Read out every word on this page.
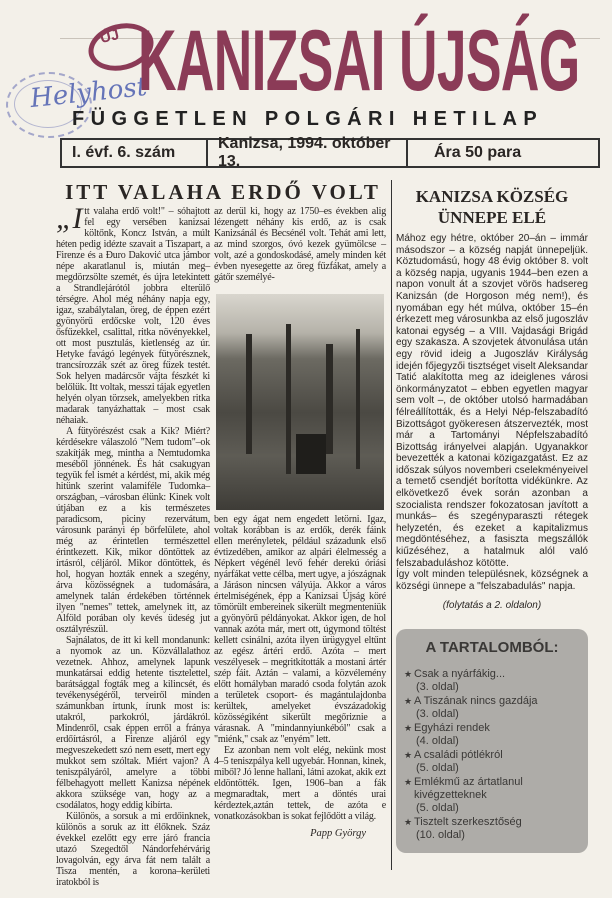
Helyhost
ÚJ KANIZSAI ÚJSÁG
FÜGGETLEN POLGÁRI HETILAP
I. évf. 6. szám
Kanizsa, 1994. október 13.
Ára 50 para
ITT VALAHA ERDŐ VOLT

„Itt valaha erdő volt!" – sóhajtott fel egy versében kanizsai költőnk, Koncz István, a múlt héten pedig idézte szavait a Tiszapart, a Firenze és a Đuro Daković utca jámbor népe akaratlanul is, miután meg–megdörzsölte szemét, és újra letekintett a Strandlejárótól jobbra elterülő térségre. Ahol még néhány napja egy, igaz, szabálytalan, öreg, de éppen ezért gyönyörű erdőcske volt, 120 éves ősfűzekkel, csalittal, ritka növényekkel, ott most pusztulás, kietlenség az úr. Hetyke favágó legények fütyörésznek, trancsírozzák szét az öreg fűzek testét. Sok helyen madárcsőr vájta fészkét ki belőlük. Itt voltak, messzi tájak egyetlen helyén olyan törzsek, amelyekben ritka madarak tanyázhattak – most csak néhaiak.

A fütyörészést csak a Kik? Miért? kérdésekre válaszoló "Nem tudom"–ok szakítják meg, mintha a Nemtudomka meséből jönnének. És hát csakugyan tegyük fel ismét a kérdést, mi, akik még hitünk szerint valamiféle Tudomka–országban, –városban élünk: Kinek volt útjában ez a kis természetes paradicsom, piciny rezervátum, városunk parányi ép bőrfelülete, ahol még az érintetlen természettel érintkezett. Kik, mikor döntöttek az írtásról, céljáról. Mikor döntöttek, és hol, hogyan hozták ennek a szegény, árva közösségnek a tudomására, amelynek talán érdekében történnek ilyen "nemes" tettek, amelynek itt, az Alföld porában oly kevés üdeség jut osztályrészül.

Sajnálatos, de itt ki kell mondanunk: a nyomok az un. Közvállalathoz vezetnek. Ahhoz, amelynek lapunk munkatársai eddig hetente tisztelettel, barátsággal fogták meg a kilincsét, és tevékenységéről, terveiről minden számunkban írtunk, írunk most is: utakról, parkokról, járdákról. Mindenről, csak éppen erről a fránya erdőírtásról, a Firenze aljáról egy megveszekedett szó nem esett, mert egy mukkot sem szóltak. Miért vajon? A teniszpályáról, amelyre a többi félbehagyott mellett Kanizsa népének akkora szüksége van, hogy az a csodálatos, hogy eddig kibírta.

Különös, a sorsuk a mi erdőinknek, különös a soruk az itt élőknek. Száz évekkel ezelőtt egy erre járó francia utazó Szegedtől Nándorfehérvárig lovagolván, egy árva fát nem talált a Tisza mentén, a korona–kerületi iratokból is

az derül ki, hogy az 1750–es években alig lézengett néhány kis erdő, az is csak Kanizsánál és Becsénél volt. Tehát ami lett, az mind szorgos, óvó kezek gyümölcse – volt, azé a gondoskodásé, amely minden két évben nyesegette az öreg fűzfákat, amely a gátőr személyé-

ben egy ágat nem engedett letörni. Igaz, voltak korábban is az erdők, derék fáink ellen merényletek, például századunk első évtizedében, amikor az alpári élelmesség a Népkert végénél levő fehér derekú óriási nyárfákat vette célba, mert ugye, a jószágnak a Járáson nincsen vályúja. Akkor a város értelmiségének, épp a Kanizsai Újság köré tömörült embereinek sikerült megmenteniük a gyönyörű példányokat. Akkor igen, de hol vannak azóta már, mert ott, úgymond töltést kellett csinálni, azóta ilyen ürügygyel eltűnt az egész ártéri erdő. Azóta – mert veszélyesek – megritkították a mostani ártér szép fáit. Aztán – valami, a közvélemény előtt homályban maradó csoda folytán azok a területek csoport- és magántulajdonba kerültek, amelyeket évszázadokig közösségiként sikerült megőriznie a várasnak. A "mindannyiunkéból" csak a "miénk," csak az "enyém" lett.

Ez azonban nem volt elég, nekünk most 4–5 teniszpálya kell ugyebár. Honnan, kinek, miből? Jó lenne hallani, látni azokat, akik ezt eldöntötték. Igen, 1906–ban a fák megmaradtak, mert a döntés urai kérdeztek,aztán tettek, de azóta e vonatkozásokban is sokat fejlődött a világ.

Papp György
KANIZSA KÖZSÉG
ÜNNEPE ELÉ

Mához egy hétre, október 20–án – immár másodszor – a község napját ünnepeljük. Köztudomású, hogy 48 évig október 8. volt a község napja, ugyanis 1944–ben ezen a napon vonult át a szovjet vörös hadsereg Kanizsán (de Horgoson még nem!), és nyomában egy hét múlva, október 15–én érkezett meg városunkba az első jugoszláv katonai egység – a VIII. Vajdasági Brigád egy szakasza. A szovjetek átvonulása után egy rövid ideig a Jugoszláv Királyság idején főjegyzői tisztséget viselt Aleksandar Tatić alakította meg az ideiglenes városi önkormányzatot – ebben egyetlen magyar sem volt –, de október utolsó harmadában félreállították, és a Helyi Nép-felszabadító Bizottságot gyökeresen átszervezték, most már a Tartományi Népfelszabadító Bizottság irányelvei alapján. Ugyanakkor bevezették a katonai közigazgatást. Ez az időszak súlyos novemberi cselekményeivel a temető csendjét borította vidékünkre. Az elkövetkező évek során azonban a szocialista rendszer fokozatosan javított a munkás– és szegényparaszti rétegek helyzetén, és ezeket a kapitalizmus megdöntéséhez, a fasiszta megszállók kiűzéséhez, a hatalmuk alól való felszabaduláshoz kötötte.

Így volt minden településnek, községnek a községi ünnepe a "felszabadulás" napja.

(folytatás a 2. oldalon)
A TARTALOMBÓL:
★ Csak a nyárfákig...
(3. oldal)
★ A Tiszának nincs gazdája
(3. oldal)
★ Egyházi rendek
(4. oldal)
★ A családi pótlékról
(5. oldal)
★ Emlékmű az ártatlanul kivégzetteknek
(5. oldal)
★ Tisztelt szerkesztőség
(10. oldal)
